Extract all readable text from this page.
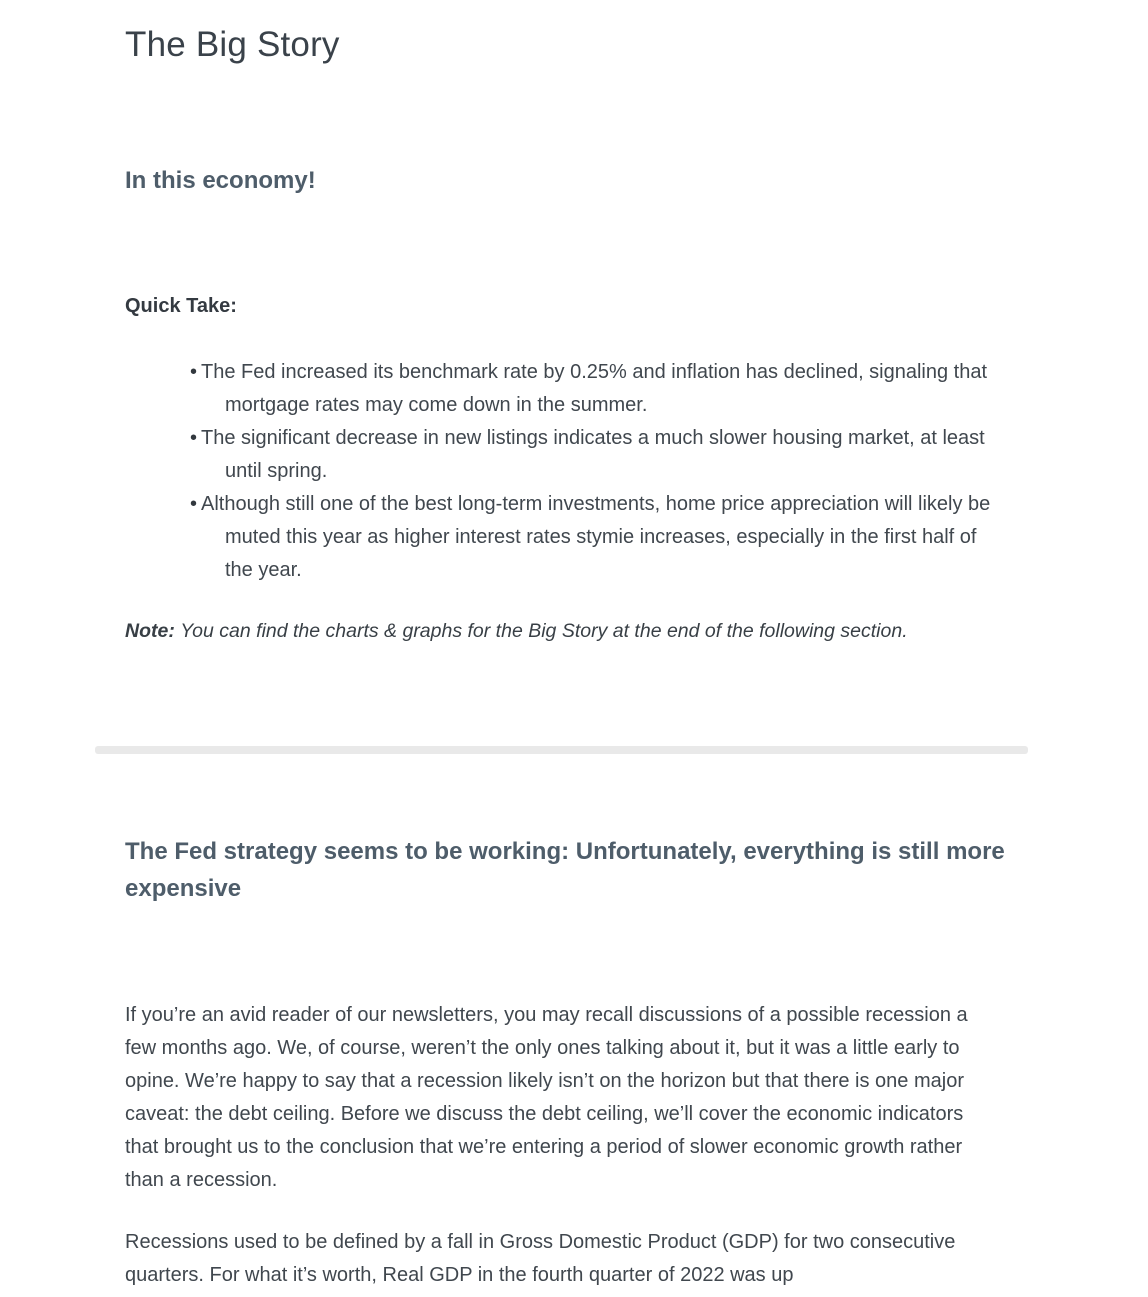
The Big Story
In this economy!

Quick Take:

• The Fed increased its benchmark rate by 0.25% and inflation has declined, signaling that mortgage rates may come down in the summer.
• The significant decrease in new listings indicates a much slower housing market, at least until spring.
• Although still one of the best long-term investments, home price appreciation will likely be muted this year as higher interest rates stymie increases, especially in the first half of the year.

Note: You can find the charts & graphs for the Big Story at the end of the following section.

The Fed strategy seems to be working: Unfortunately, everything is still more expensive

If you’re an avid reader of our newsletters, you may recall discussions of a possible recession a few months ago. We, of course, weren’t the only ones talking about it, but it was a little early to opine. We’re happy to say that a recession likely isn’t on the horizon but that there is one major caveat: the debt ceiling. Before we discuss the debt ceiling, we’ll cover the economic indicators that brought us to the conclusion that we’re entering a period of slower economic growth rather than a recession.

Recessions used to be defined by a fall in Gross Domestic Product (GDP) for two consecutive quarters. For what it’s worth, Real GDP in the fourth quarter of 2022 was up
